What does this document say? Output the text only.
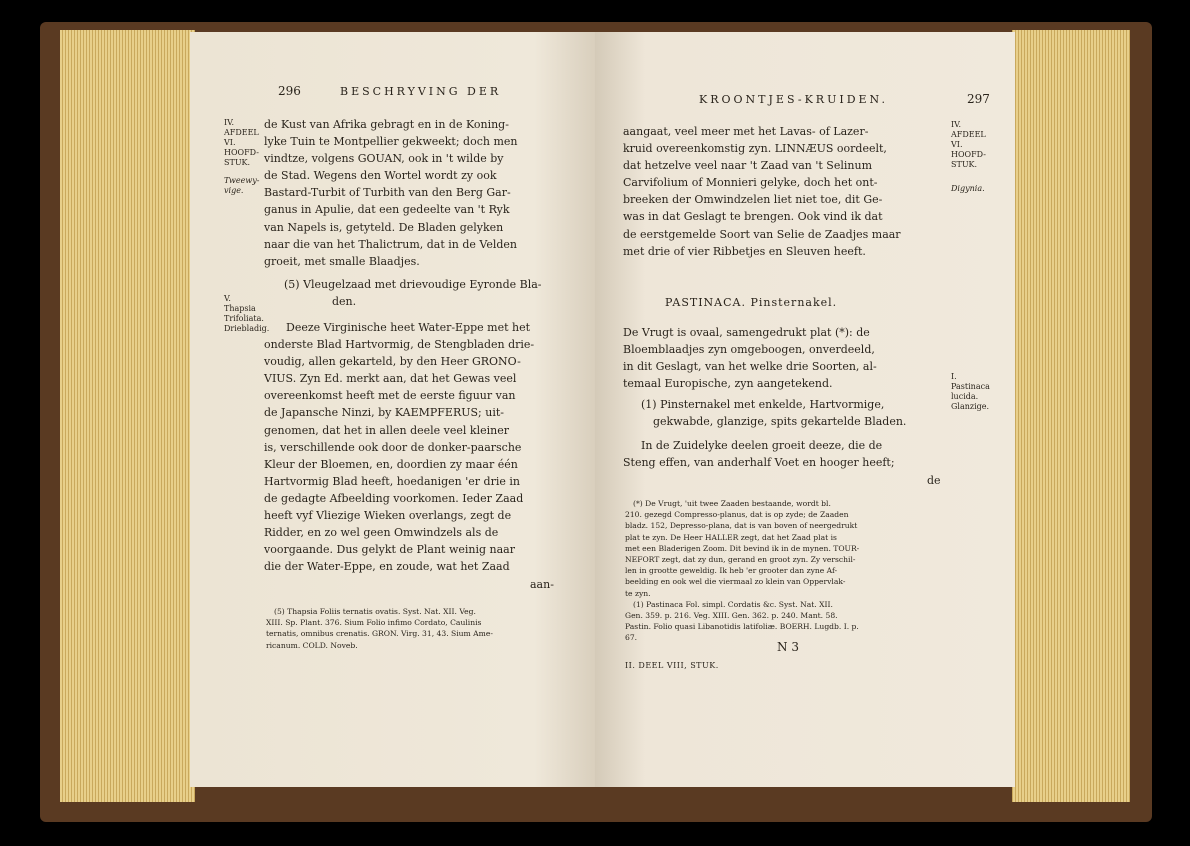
296	BESCHRYVING DER
IV.
AFDEEL
VI.
HOOFD-
STUK.
Tweewy-
vige.
V.
Thapsia
Trifoliata.
Driebladig.
de Kust van Afrika gebragt en in de Koning-
lyke Tuin te Montpellier gekweekt; doch men
vindtze, volgens GOUAN, ook in 't wilde by
de Stad. Wegens den Wortel wordt zy ook
Bastard-Turbit of Turbith van den Berg Gar-
ganus in Apulie, dat een gedeelte van 't Ryk
van Napels is, getyteld. De Bladen gelyken
naar die van het Thalictrum, dat in de Velden
groeit, met smalle Blaadjes.
(5) Vleugelzaad met drievoudige Eyronde Bla-
den.
Deeze Virginische heet Water-Eppe met het
onderste Blad Hartvormig, de Stengbladen drie-
voudig, allen gekarteld, by den Heer GRONO-
VIUS. Zyn Ed. merkt aan, dat het Gewas veel
overeenkomst heeft met de eerste figuur van
de Japansche Ninzi, by KAEMPFERUS; uit-
genomen, dat het in allen deele veel kleiner
is, verschillende ook door de donker-paarsche
Kleur der Bloemen, en, doordien zy maar één
Hartvormig Blad heeft, hoedanigen 'er drie in
de gedagte Afbeelding voorkomen. Ieder Zaad
heeft vyf Vliezige Wieken overlangs, zegt de
Ridder, en zo wel geen Omwindzels als de
voorgaande. Dus gelykt de Plant weinig naar
die der Water-Eppe, en zoude, wat het Zaad
aan-
(5) Thapsia Foliis ternatis ovatis. Syst. Nat. XII. Veg.
XIII. Sp. Plant. 376. Sium Folio infimo Cordato, Caulinis
ternatis, omnibus crenatis. GRON. Virg. 31, 43. Sium Ame-
ricanum. COLD. Noveb.
KROONTJES-KRUIDEN.	297
IV.
AFDEEL
VI.
HOOFD-
STUK.
Digynia.
I.
Pastinaca
lucida.
Glanzige.
aangaat, veel meer met het Lavas- of Lazer-
kruid overeenkomstig zyn. LINNÆUS oordeelt,
dat hetzelve veel naar 't Zaad van 't Selinum
Carvifolium of Monnieri gelyke, doch het ont-
breeken der Omwindzelen liet niet toe, dit Ge-
was in dat Geslagt te brengen. Ook vind ik dat
de eerstgemelde Soort van Selie de Zaadjes maar
met drie of vier Ribbetjes en Sleuven heeft.
PASTINACA. Pinsternakel.
De Vrugt is ovaal, samengedrukt plat (*): de
Bloemblaadjes zyn omgeboogen, onverdeeld,
in dit Geslagt, van het welke drie Soorten, al-
temaal Europische, zyn aangetekend.
(1) Pinsternakel met enkelde, Hartvormige,
gekwabde, glanzige, spits gekartelde Bladen.
In de Zuidelyke deelen groeit deeze, die de
Steng effen, van anderhalf Voet en hooger heeft;
de
(*) De Vrugt, 'uit twee Zaaden bestaande, wordt bl.
210. gezegd Compresso-planus, dat is op zyde; de Zaaden
bladz. 152, Depresso-plana, dat is van boven of neergedrukt
plat te zyn. De Heer HALLER zegt, dat het Zaad plat is
met een Bladerigen Zoom. Dit bevind ik in de mynen. TOUR-
NEFORT zegt, dat zy dun, gerand en groot zyn. Zy verschil-
len in grootte geweldig. Ik heb 'er grooter dan zyne Af-
beelding en ook wel die viermaal zo klein van Oppervlak-
te zyn.
(1) Pastinaca Fol. simpl. Cordatis &c. Syst. Nat. XII.
Gen. 359. p. 216. Veg. XIII. Gen. 362. p. 240. Mant. 58.
Pastin. Folio quasi Libanotidis latifoliæ. BOERH. Lugdb. I. p.
67.
II. DEEL VIII, STUK.
N 3
